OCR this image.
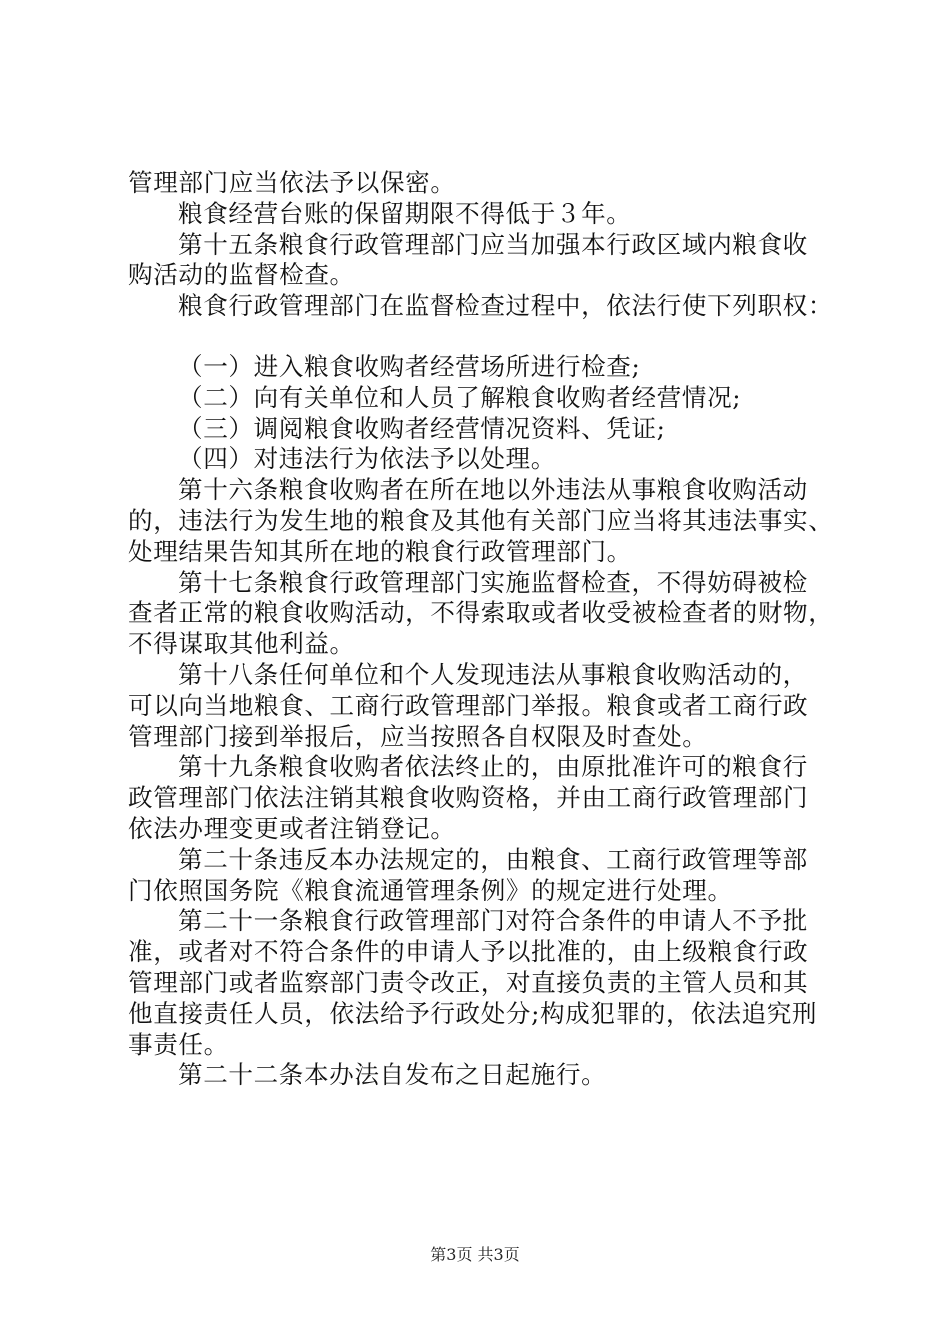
管理部门应当依法予以保密。
粮食经营台账的保留期限不得低于３年。
第十五条粮食行政管理部门应当加强本行政区域内粮食收
购活动的监督检查。
粮食行政管理部门在监督检查过程中，依法行使下列职权：
（一）进入粮食收购者经营场所进行检查;
（二）向有关单位和人员了解粮食收购者经营情况;
（三）调阅粮食收购者经营情况资料、凭证;
（四）对违法行为依法予以处理。
第十六条粮食收购者在所在地以外违法从事粮食收购活动
的，违法行为发生地的粮食及其他有关部门应当将其违法事实、
处理结果告知其所在地的粮食行政管理部门。
第十七条粮食行政管理部门实施监督检查，不得妨碍被检
查者正常的粮食收购活动，不得索取或者收受被检查者的财物，
不得谋取其他利益。
第十八条任何单位和个人发现违法从事粮食收购活动的，
可以向当地粮食、工商行政管理部门举报。粮食或者工商行政
管理部门接到举报后，应当按照各自权限及时查处。
第十九条粮食收购者依法终止的，由原批准许可的粮食行
政管理部门依法注销其粮食收购资格，并由工商行政管理部门
依法办理变更或者注销登记。
第二十条违反本办法规定的，由粮食、工商行政管理等部
门依照国务院《粮食流通管理条例》的规定进行处理。
第二十一条粮食行政管理部门对符合条件的申请人不予批
准，或者对不符合条件的申请人予以批准的，由上级粮食行政
管理部门或者监察部门责令改正，对直接负责的主管人员和其
他直接责任人员，依法给予行政处分;构成犯罪的，依法追究刑
事责任。
第二十二条本办法自发布之日起施行。
第3页 共3页
